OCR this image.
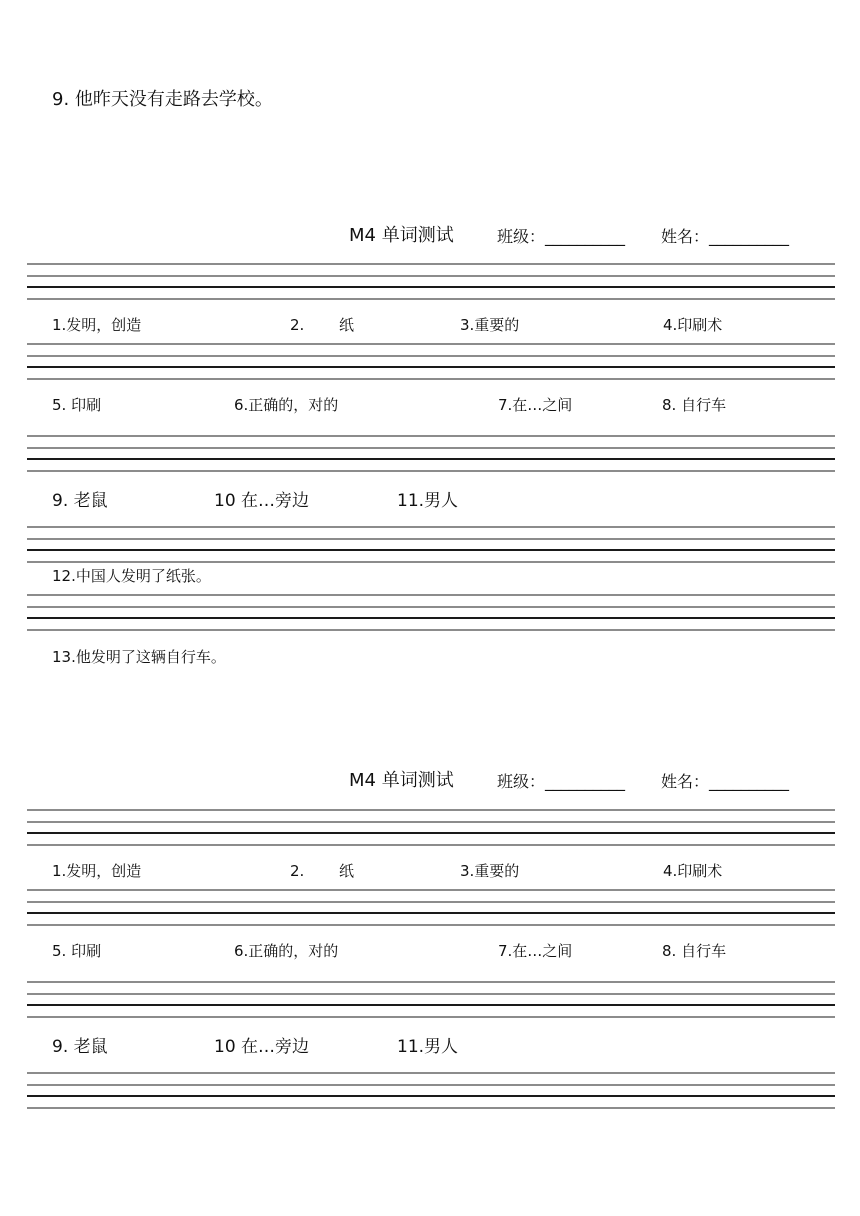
9. 他昨天没有走路去学校。
M4 单词测试	班级：__________ 姓名：__________
1.发明，创造	2. 纸	3.重要的	4.印刷术
5. 印刷	6.正确的，对的	7.在…之间	8. 自行车
9. 老鼠	10 在…旁边	11.男人
12.中国人发明了纸张。
13.他发明了这辆自行车。
M4 单词测试	班级：__________ 姓名：__________
1.发明，创造	2. 纸	3.重要的	4.印刷术
5. 印刷	6.正确的，对的	7.在…之间	8. 自行车
9. 老鼠	10 在…旁边	11.男人
